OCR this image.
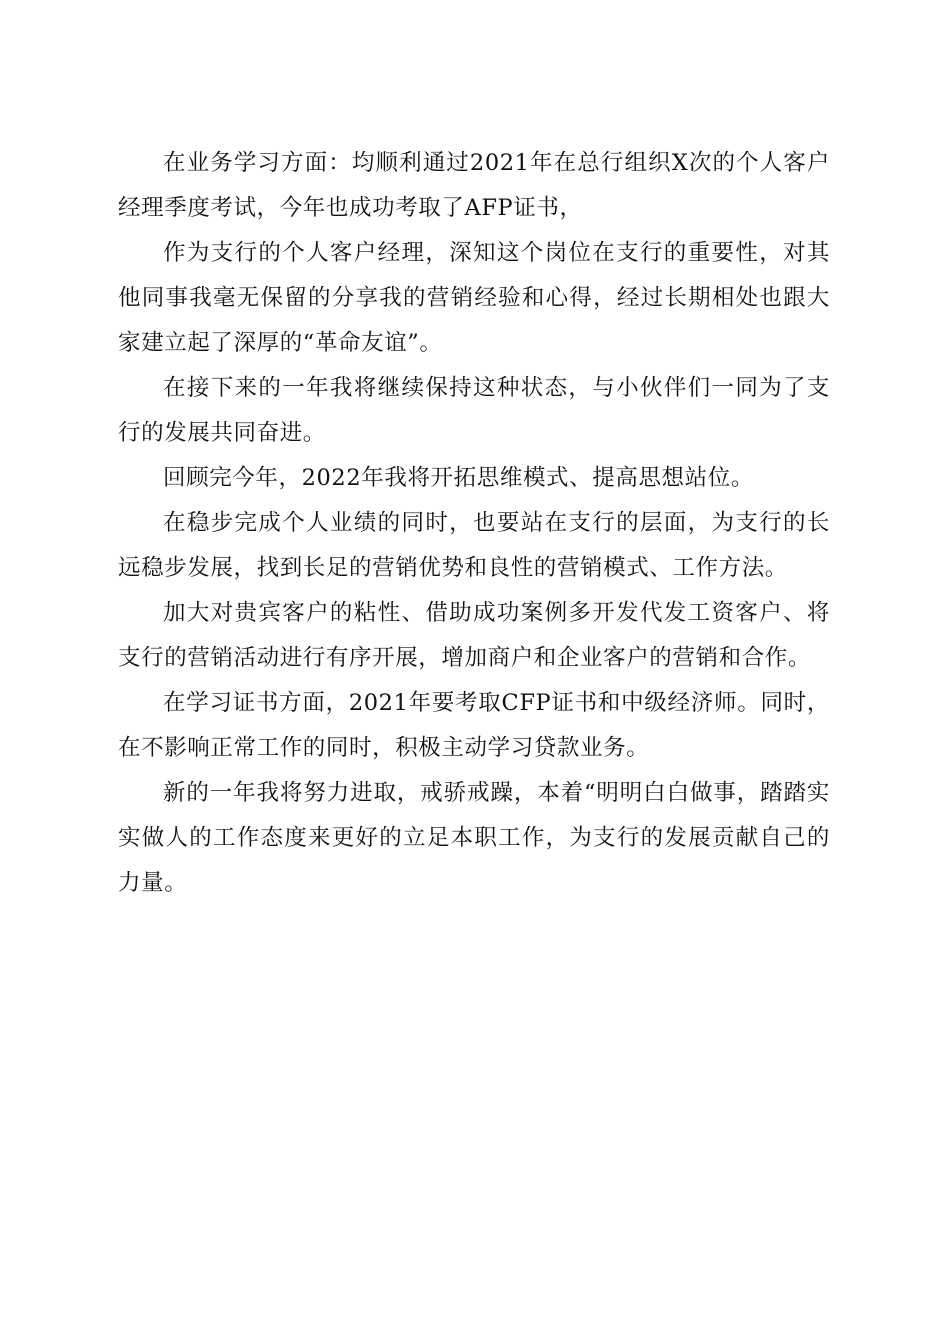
在业务学习方面：均顺利通过2021年在总行组织X次的个人客户经理季度考试，今年也成功考取了AFP证书，

作为支行的个人客户经理，深知这个岗位在支行的重要性，对其他同事我毫无保留的分享我的营销经验和心得，经过长期相处也跟大家建立起了深厚的“革命友谊”。

在接下来的一年我将继续保持这种状态，与小伙伴们一同为了支行的发展共同奋进。

回顾完今年，2022年我将开拓思维模式、提高思想站位。

在稳步完成个人业绩的同时，也要站在支行的层面，为支行的长远稳步发展，找到长足的营销优势和良性的营销模式、工作方法。

加大对贵宾客户的粘性、借助成功案例多开发代发工资客户、将支行的营销活动进行有序开展，增加商户和企业客户的营销和合作。

在学习证书方面，2021年要考取CFP证书和中级经济师。同时，在不影响正常工作的同时，积极主动学习贷款业务。

新的一年我将努力进取，戒骄戒躁，本着“明明白白做事，踏踏实实做人的工作态度来更好的立足本职工作，为支行的发展贡献自己的力量。
